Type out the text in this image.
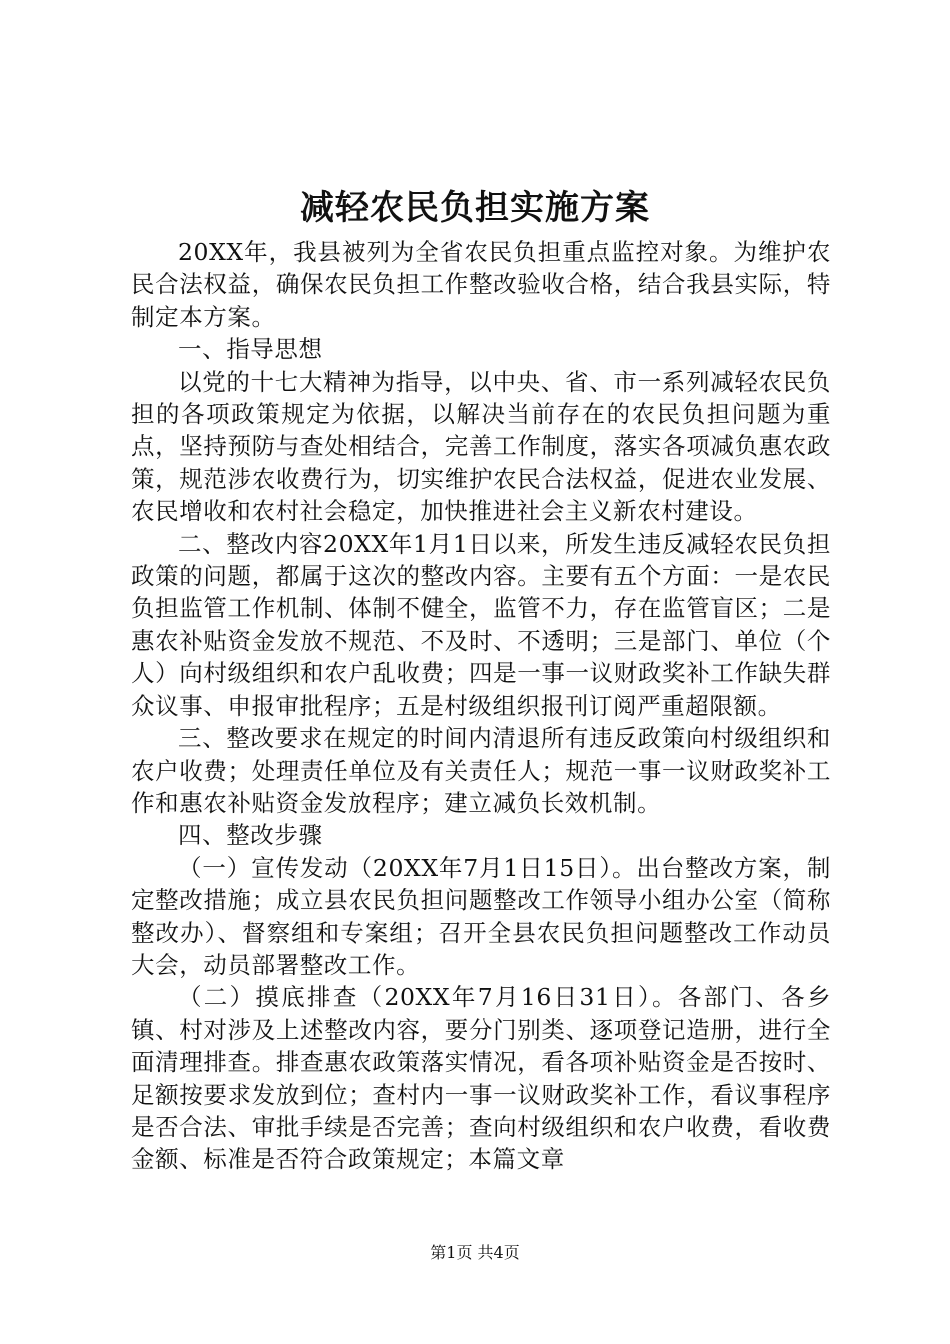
减轻农民负担实施方案

20XX年，我县被列为全省农民负担重点监控对象。为维护农民合法权益，确保农民负担工作整改验收合格，结合我县实际，特制定本方案。

一、指导思想

以党的十七大精神为指导，以中央、省、市一系列减轻农民负担的各项政策规定为依据，以解决当前存在的农民负担问题为重点，坚持预防与查处相结合，完善工作制度，落实各项减负惠农政策，规范涉农收费行为，切实维护农民合法权益，促进农业发展、农民增收和农村社会稳定，加快推进社会主义新农村建设。

二、整改内容20XX年1月1日以来，所发生违反减轻农民负担政策的问题，都属于这次的整改内容。主要有五个方面：一是农民负担监管工作机制、体制不健全，监管不力，存在监管盲区；二是惠农补贴资金发放不规范、不及时、不透明；三是部门、单位（个人）向村级组织和农户乱收费；四是一事一议财政奖补工作缺失群众议事、申报审批程序；五是村级组织报刊订阅严重超限额。

三、整改要求在规定的时间内清退所有违反政策向村级组织和农户收费；处理责任单位及有关责任人；规范一事一议财政奖补工作和惠农补贴资金发放程序；建立减负长效机制。

四、整改步骤

（一）宣传发动（20XX年7月1日15日）。出台整改方案，制定整改措施；成立县农民负担问题整改工作领导小组办公室（简称整改办）、督察组和专案组；召开全县农民负担问题整改工作动员大会，动员部署整改工作。

（二）摸底排查（20XX年7月16日31日）。各部门、各乡镇、村对涉及上述整改内容，要分门别类、逐项登记造册，进行全面清理排查。排查惠农政策落实情况，看各项补贴资金是否按时、足额按要求发放到位；查村内一事一议财政奖补工作，看议事程序是否合法、审批手续是否完善；查向村级组织和农户收费，看收费金额、标准是否符合政策规定；本篇文章

第1页 共4页
